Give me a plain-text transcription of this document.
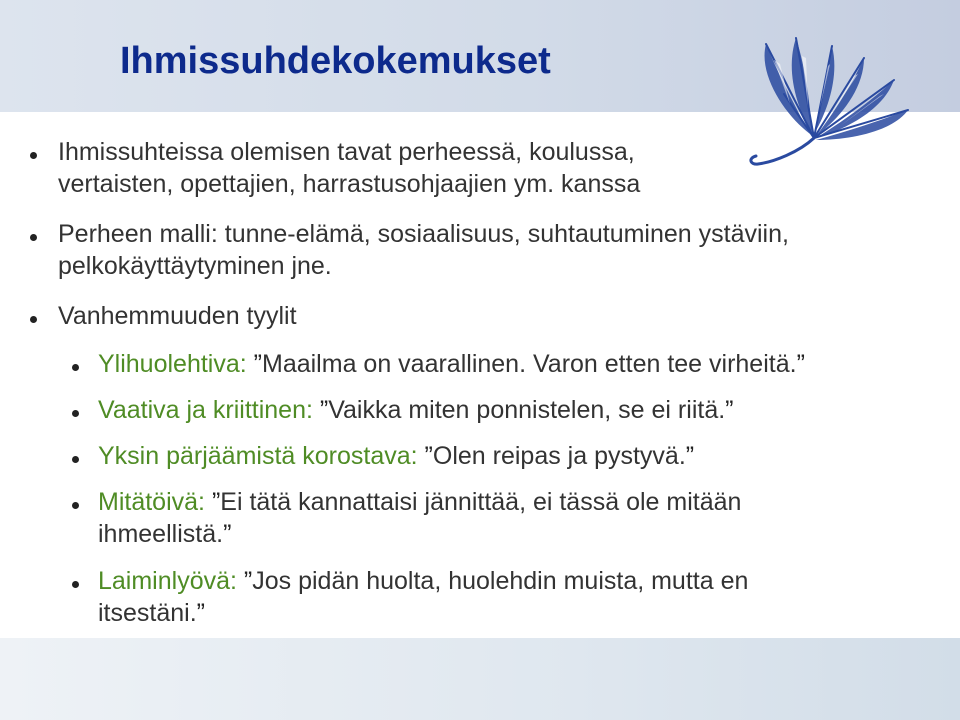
Ihmissuhdekokemukset

Ihmissuhteissa olemisen tavat perheessä, koulussa,
vertaisten, opettajien, harrastusohjaajien ym. kanssa

Perheen malli: tunne-elämä, sosiaalisuus, suhtautuminen ystäviin,
pelkokäyttäytyminen jne.

Vanhemmuuden tyylit

Ylihuolehtiva: ”Maailma on vaarallinen. Varon etten tee virheitä.”

Vaativa ja kriittinen: ”Vaikka miten ponnistelen, se ei riitä.”

Yksin pärjäämistä korostava: ”Olen reipas ja pystyvä.”

Mitätöivä: ”Ei tätä kannattaisi jännittää, ei tässä ole mitään
ihmeellistä.”

Laiminlyövä: ”Jos pidän huolta, huolehdin muista, mutta en
itsestäni.”
